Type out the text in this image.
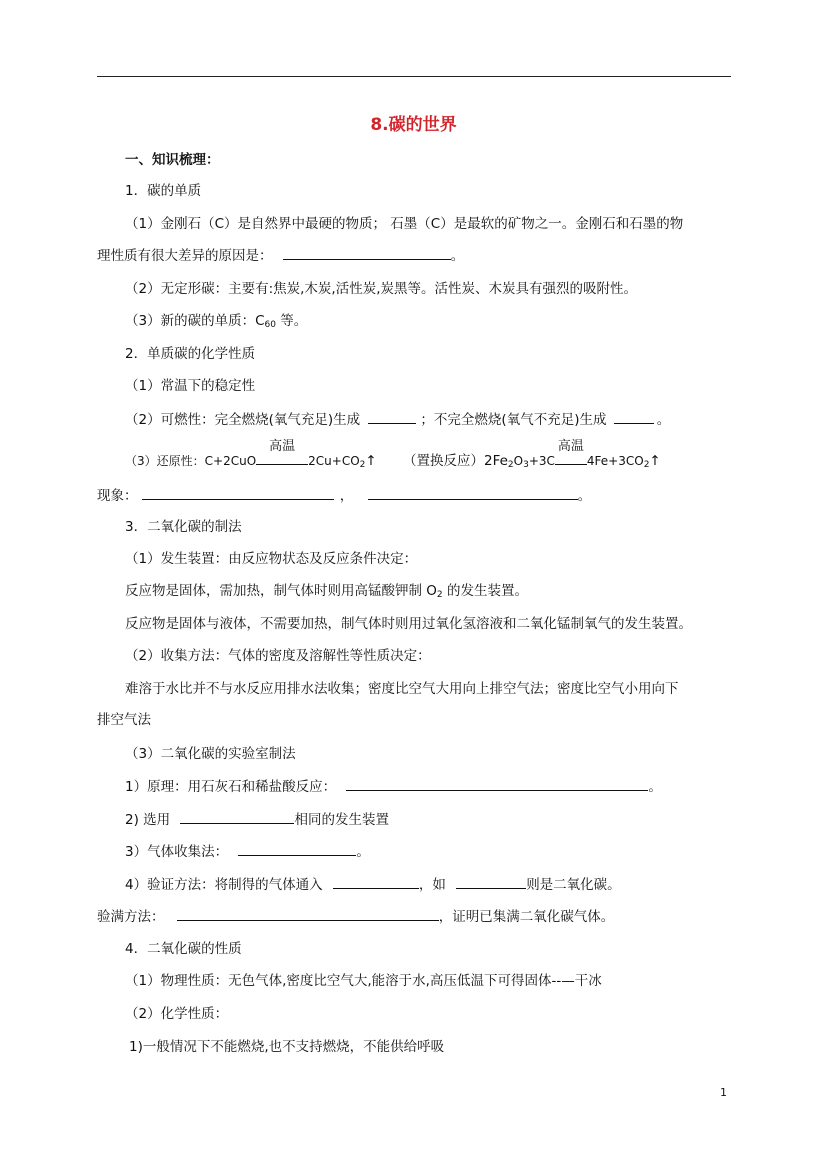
8.碳的世界
一、知识梳理：
1．碳的单质
（1）金刚石（C）是自然界中最硬的物质； 石墨（C）是最软的矿物之一。金刚石和石墨的物
理性质有很大差异的原因是：	。
（2）无定形碳：主要有:焦炭,木炭,活性炭,炭黑等。活性炭、木炭具有强烈的吸附性。
（3）新的碳的单质：$C_{60}$ 等。
2．单质碳的化学性质
（1）常温下的稳定性
（2）可燃性：完全燃烧(氧气充足)生成	；不完全燃烧(氧气不充足)生成	。
（3）还原性：C+2CuO
高温
$2Cu+CO_2↑$ （置换反应）$2Fe_2O_3+3C$
高温
$4Fe+3CO_2↑$
现象：	，	。
3．二氧化碳的制法
（1）发生装置：由反应物状态及反应条件决定：
反应物是固体，需加热，制气体时则用高锰酸钾制 $O_2$ 的发生装置。
反应物是固体与液体，不需要加热，制气体时则用过氧化氢溶液和二氧化锰制氧气的发生装置。
（2）收集方法：气体的密度及溶解性等性质决定：
难溶于水比并不与水反应用排水法收集；密度比空气大用向上排空气法；密度比空气小用向下
排空气法
（3）二氧化碳的实验室制法
1）原理：用石灰石和稀盐酸反应：	。
2) 选用	相同的发生装置
3）气体收集法：	。
4）验证方法：将制得的气体通入	，如	则是二氧化碳。
验满方法：	，证明已集满二氧化碳气体。
4．二氧化碳的性质
（1）物理性质：无色气体,密度比空气大,能溶于水,高压低温下可得固体--—干冰
（2）化学性质：
1)一般情况下不能燃烧,也不支持燃烧，不能供给呼吸
1
